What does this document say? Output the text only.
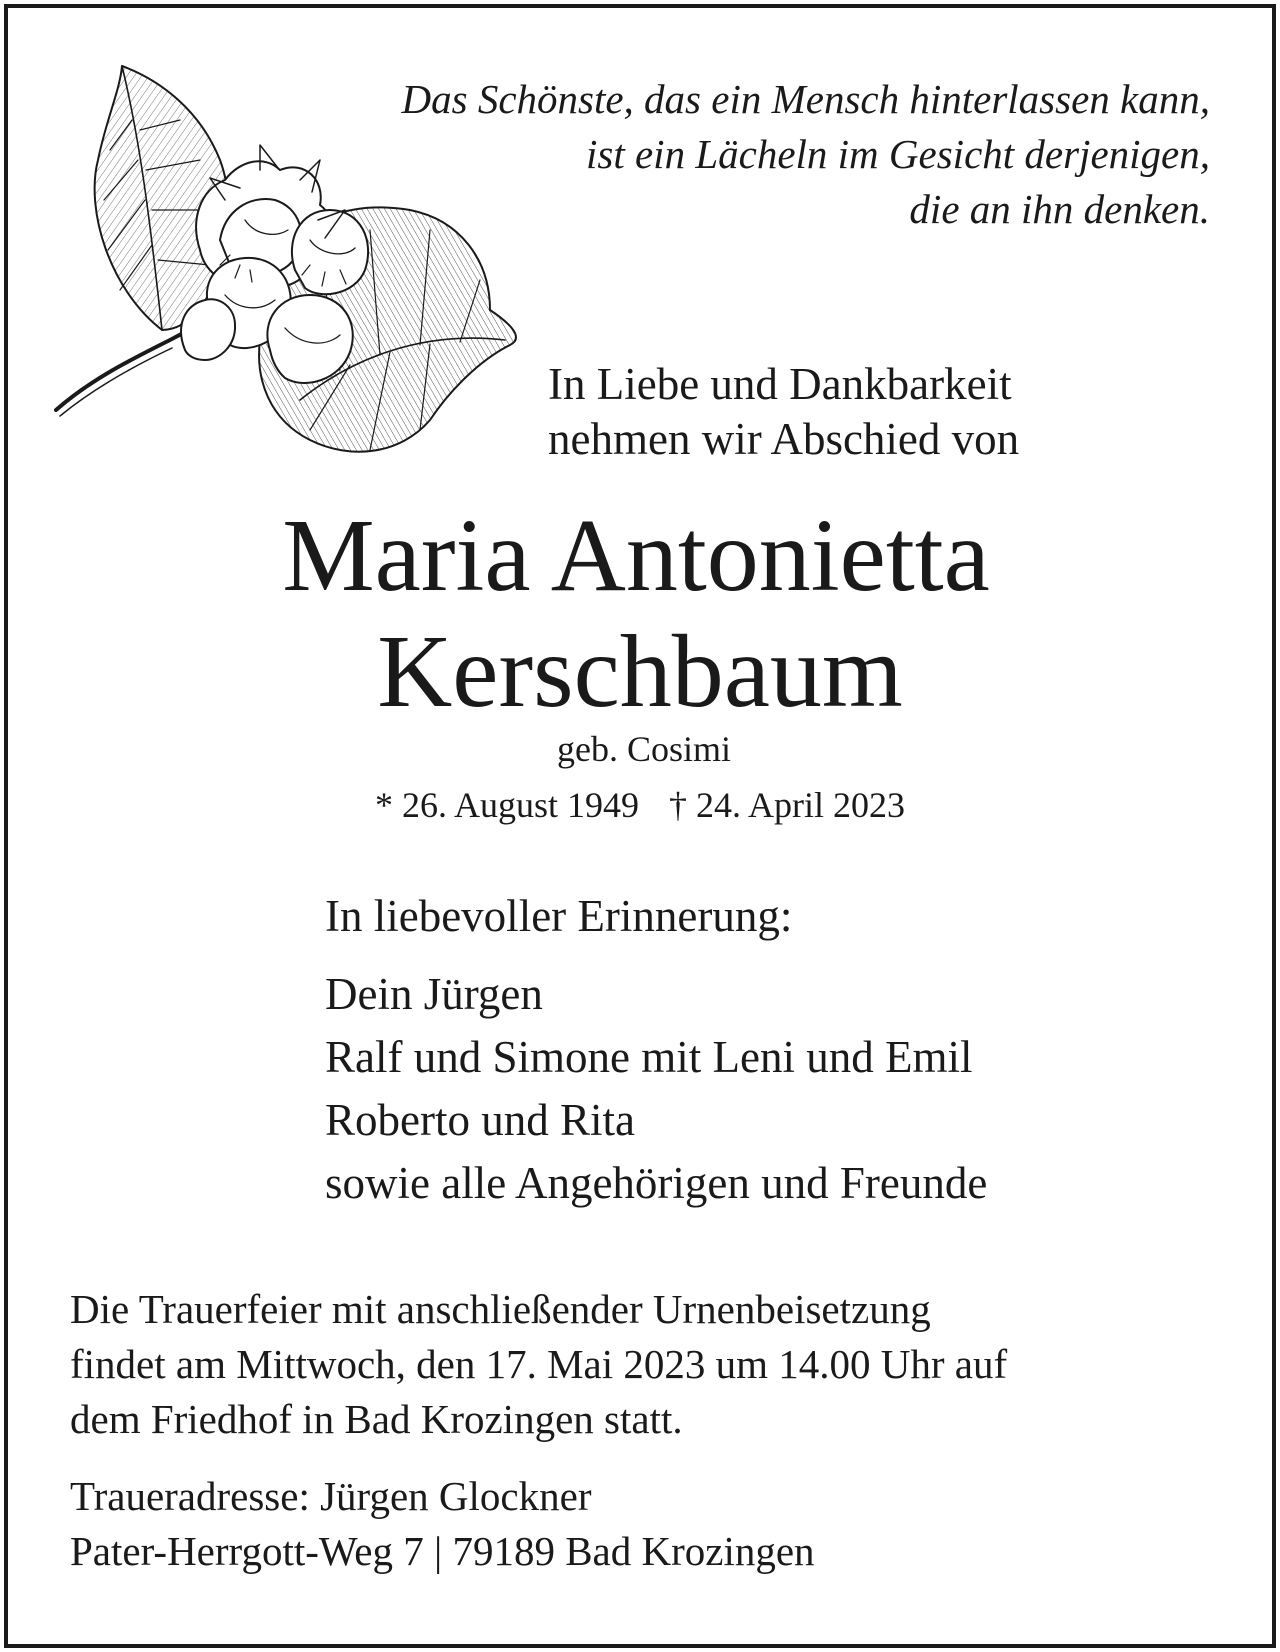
Das Schönste, das ein Mensch hinterlassen kann,
ist ein Lächeln im Gesicht derjenigen,
die an ihn denken.
In Liebe und Dankbarkeit
nehmen wir Abschied von
Maria Antonietta
Kerschbaum
geb. Cosimi
* 26. August 1949 † 24. April 2023
In liebevoller Erinnerung:
Dein Jürgen
Ralf und Simone mit Leni und Emil
Roberto und Rita
sowie alle Angehörigen und Freunde
Die Trauerfeier mit anschließender Urnenbeisetzung
findet am Mittwoch, den 17. Mai 2023 um 14.00 Uhr auf
dem Friedhof in Bad Krozingen statt.
Traueradresse: Jürgen Glockner
Pater-Herrgott-Weg 7 | 79189 Bad Krozingen
